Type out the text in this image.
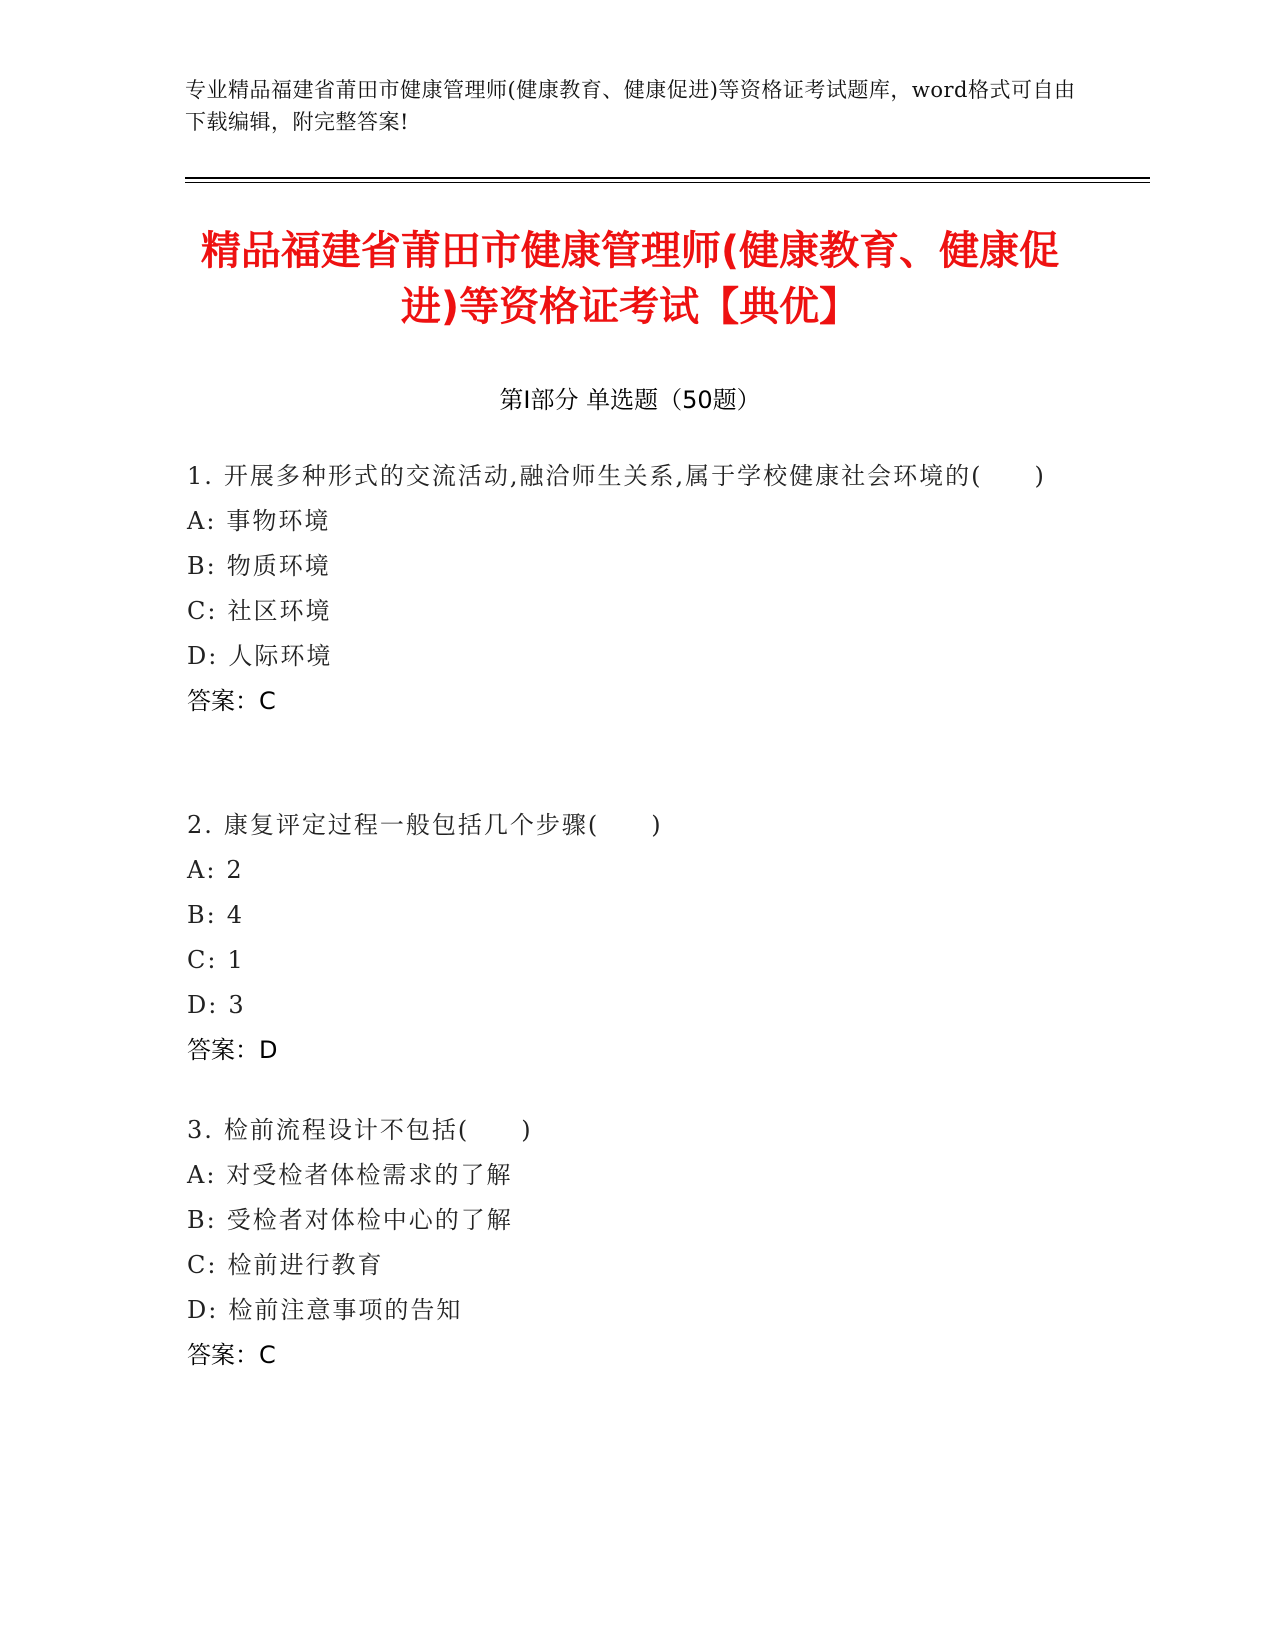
专业精品福建省莆田市健康管理师(健康教育、健康促进)等资格证考试题库，word格式可自由下载编辑，附完整答案!
精品福建省莆田市健康管理师(健康教育、健康促进)等资格证考试【典优】
第Ⅰ部分 单选题（50题）
1. 开展多种形式的交流活动,融洽师生关系,属于学校健康社会环境的(　　)
A: 事物环境
B: 物质环境
C: 社区环境
D: 人际环境
答案：C
2. 康复评定过程一般包括几个步骤(　　)
A: 2
B: 4
C: 1
D: 3
答案：D
3. 检前流程设计不包括(　　)
A: 对受检者体检需求的了解
B: 受检者对体检中心的了解
C: 检前进行教育
D: 检前注意事项的告知
答案：C
